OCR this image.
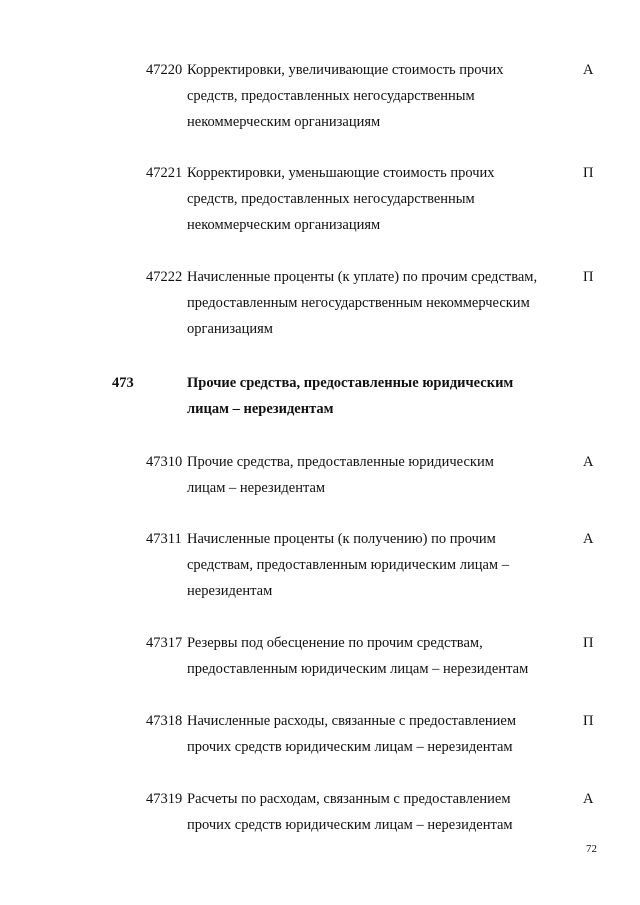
47220 Корректировки, увеличивающие стоимость прочих
средств, предоставленных негосударственным
некоммерческим организациям
А
47221 Корректировки, уменьшающие стоимость прочих
средств, предоставленных негосударственным
некоммерческим организациям
П
47222 Начисленные проценты (к уплате) по прочим средствам,
предоставленным негосударственным некоммерческим
организациям
П
473	Прочие средства, предоставленные юридическим
лицам – нерезидентам
47310 Прочие средства, предоставленные юридическим
лицам – нерезидентам
А
47311 Начисленные проценты (к получению) по прочим
средствам, предоставленным юридическим лицам –
нерезидентам
А
47317 Резервы под обесценение по прочим средствам,
предоставленным юридическим лицам – нерезидентам
П
47318 Начисленные расходы, связанные с предоставлением
прочих средств юридическим лицам – нерезидентам
П
47319 Расчеты по расходам, связанным с предоставлением
прочих средств юридическим лицам – нерезидентам
А
72
